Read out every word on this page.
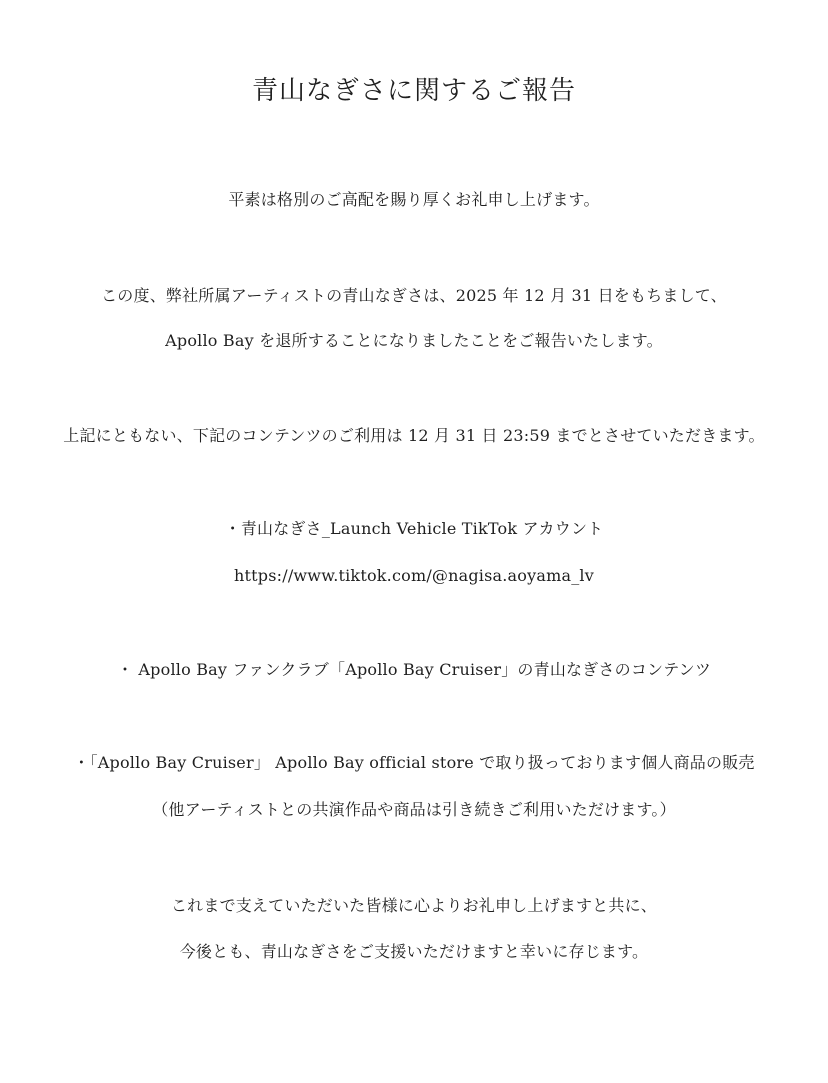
青山なぎさに関するご報告
平素は格別のご高配を賜り厚くお礼申し上げます。
この度、弊社所属アーティストの青山なぎさは、2025 年 12 月 31 日をもちまして、
Apollo Bay を退所することになりましたことをご報告いたします。
上記にともない、下記のコンテンツのご利用は 12 月 31 日 23:59 までとさせていただきます。
・青山なぎさ_Launch Vehicle TikTok アカウント
https://www.tiktok.com/@nagisa.aoyama_lv
・ Apollo Bay ファンクラブ「Apollo Bay Cruiser」の青山なぎさのコンテンツ
・「Apollo Bay Cruiser」 Apollo Bay official store で取り扱っております個人商品の販売
（他アーティストとの共演作品や商品は引き続きご利用いただけます。）
これまで支えていただいた皆様に心よりお礼申し上げますと共に、
今後とも、青山なぎさをご支援いただけますと幸いに存じます。
